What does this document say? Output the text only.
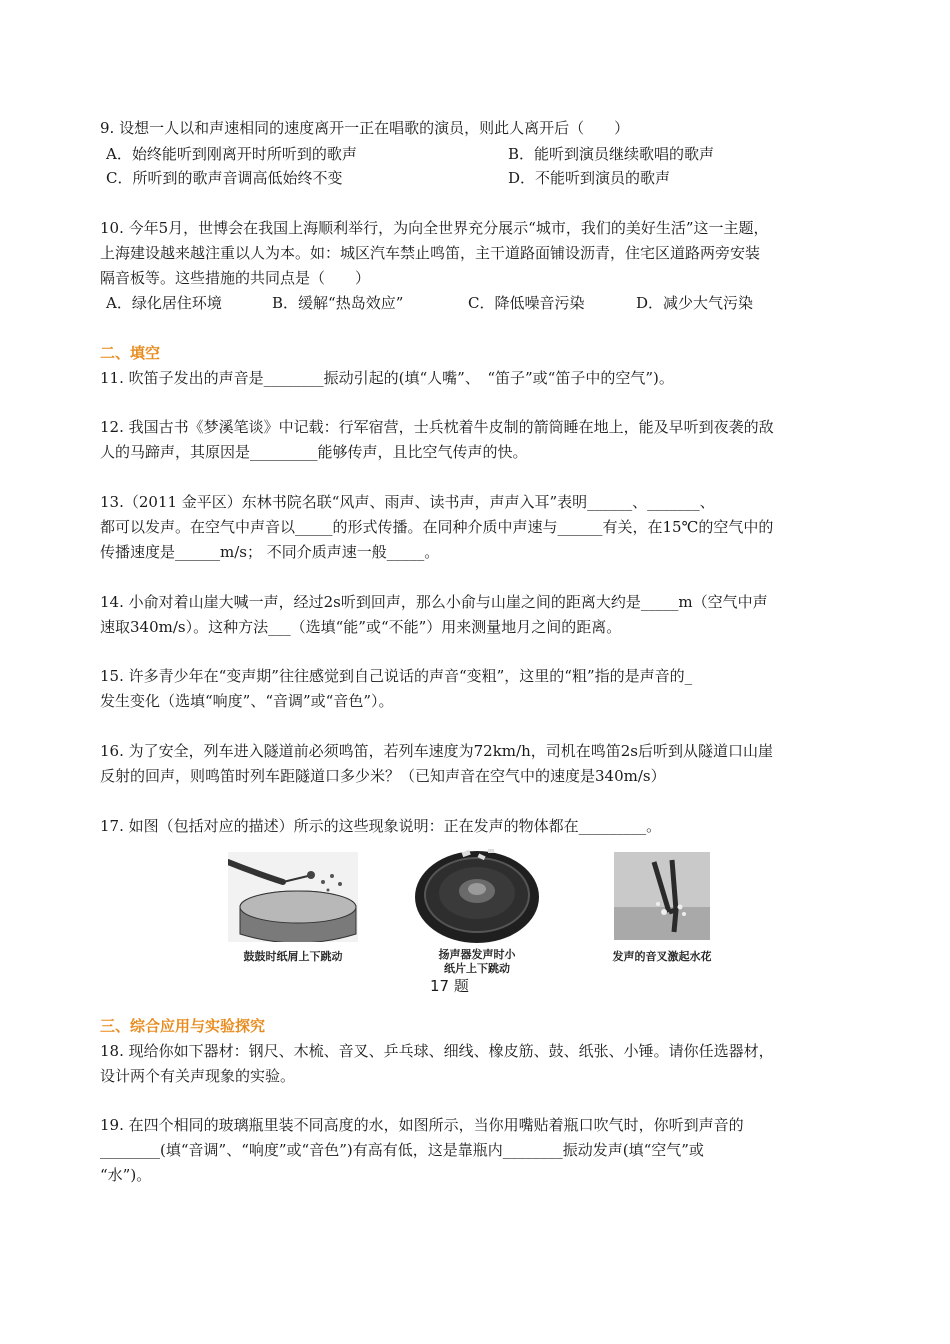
9. 设想一人以和声速相同的速度离开一正在唱歌的演员，则此人离开后（　　）
A．始终能听到刚离开时所听到的歌声	B．能听到演员继续歌唱的歌声
C．所听到的歌声音调高低始终不变	D．不能听到演员的歌声
10. 今年5月，世博会在我国上海顺利举行，为向全世界充分展示“城市，我们的美好生活”这一主题，
上海建设越来越注重以人为本。如：城区汽车禁止鸣笛，主干道路面铺设沥青，住宅区道路两旁安装
隔音板等。这些措施的共同点是（　　）
A．绿化居住环境	B．缓解“热岛效应”	C．降低噪音污染	D．减少大气污染
二、填空
11. 吹笛子发出的声音是________振动引起的(填“人嘴”、　“笛子”或“笛子中的空气”)。
12. 我国古书《梦溪笔谈》中记载：行军宿营，士兵枕着牛皮制的箭筒睡在地上，能及早听到夜袭的敌
人的马蹄声，其原因是_________能够传声，且比空气传声的快。
13.（2011 金平区）东林书院名联“风声、雨声、读书声，声声入耳”表明______、_______、
都可以发声。在空气中声音以_____的形式传播。在同种介质中声速与______有关，在15℃的空气中的
传播速度是______m/s； 不同介质声速一般_____。
14. 小俞对着山崖大喊一声，经过2s听到回声，那么小俞与山崖之间的距离大约是_____m（空气中声
速取340m/s）。这种方法___（选填“能”或“不能”）用来测量地月之间的距离。
15. 许多青少年在“变声期”往往感觉到自己说话的声音“变粗”，这里的“粗”指的是声音的_
发生变化（选填“响度”、“音调”或“音色”）。
16. 为了安全，列车进入隧道前必须鸣笛，若列车速度为72km/h，司机在鸣笛2s后听到从隧道口山崖
反射的回声，则鸣笛时列车距隧道口多少米？（已知声音在空气中的速度是340m/s）
17. 如图（包括对应的描述）所示的这些现象说明：正在发声的物体都在_________。
鼓鼓时纸屑上下跳动	扬声器发声时小
纸片上下跳动
发声的音叉激起水花
17 题
三、综合应用与实验探究
18. 现给你如下器材：钢尺、木梳、音叉、乒乓球、细线、橡皮筋、鼓、纸张、小锤。请你任选器材，
设计两个有关声现象的实验。
19. 在四个相同的玻璃瓶里装不同高度的水，如图所示，当你用嘴贴着瓶口吹气时，你听到声音的
________(填“音调”、“响度”或“音色”)有高有低，这是靠瓶内________振动发声(填“空气”或
“水”)。
